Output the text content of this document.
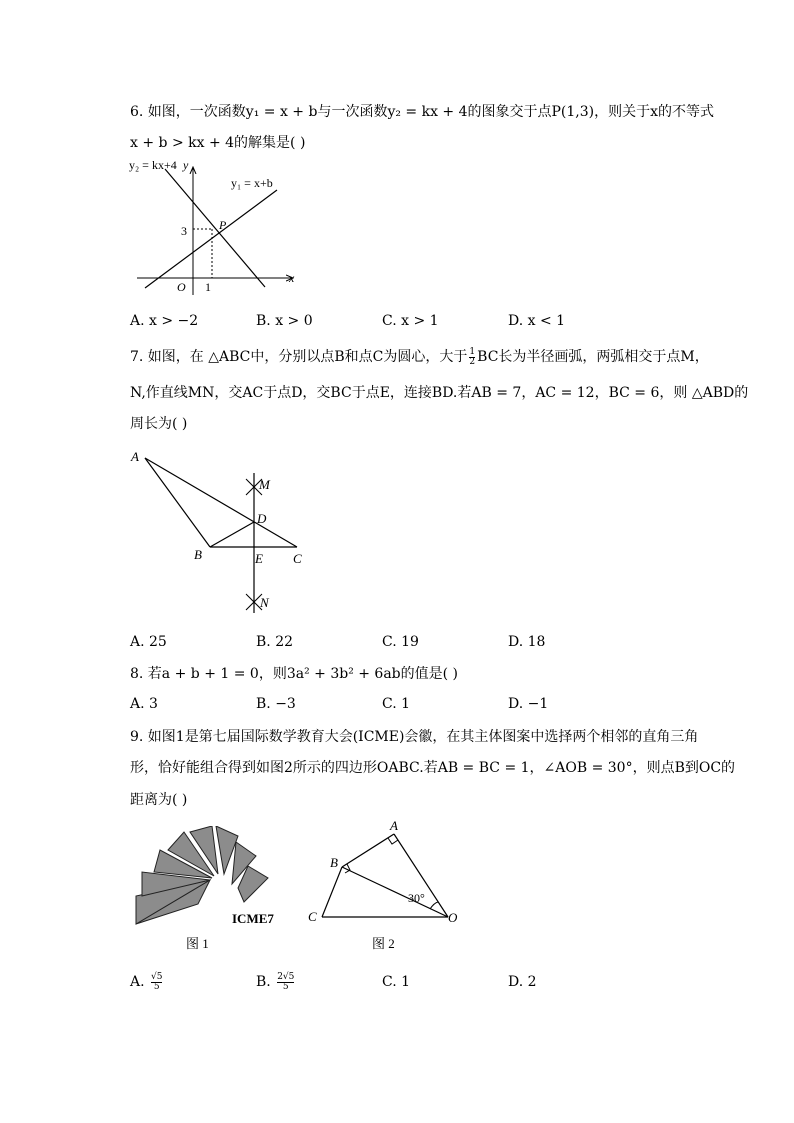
6. 如图，一次函数y₁ = x + b与一次函数y₂ = kx + 4的图象交于点P(1,3)，则关于x的不等式
x + b > kx + 4的解集是( )
y₂ = kx+4 y
y₁ = x+b
P
3
O 1
x
A. x > −2	B. x > 0	C. x > 1	D. x < 1
7. 如图，在 △ABC中，分别以点B和点C为圆心，大于 $\frac{1}{2}$ BC长为半径画弧，两弧相交于点M，
N,作直线MN，交AC于点D，交BC于点E，连接BD.若AB = 7，AC = 12，BC = 6，则 △ABD的
周长为( )
A
M
D
B	E C
N
A. 25	B. 22	C. 19	D. 18
8. 若a + b + 1 = 0，则3a² + 3b² + 6ab的值是( )
A. 3	B. −3	C. 1	D. −1
9. 如图1是第七届国际数学教育大会(ICME)会徽，在其主体图案中选择两个相邻的直角三角
形，恰好能组合得到如图2所示的四边形OABC.若AB = BC = 1，∠AOB = 30°，则点B到OC的
距离为( )
ICME7
图 1
A
B
C	O
30°
图 2
A. $\frac{√5}{5}$	B. $\frac{2√5}{5}$	C. 1	D. 2
